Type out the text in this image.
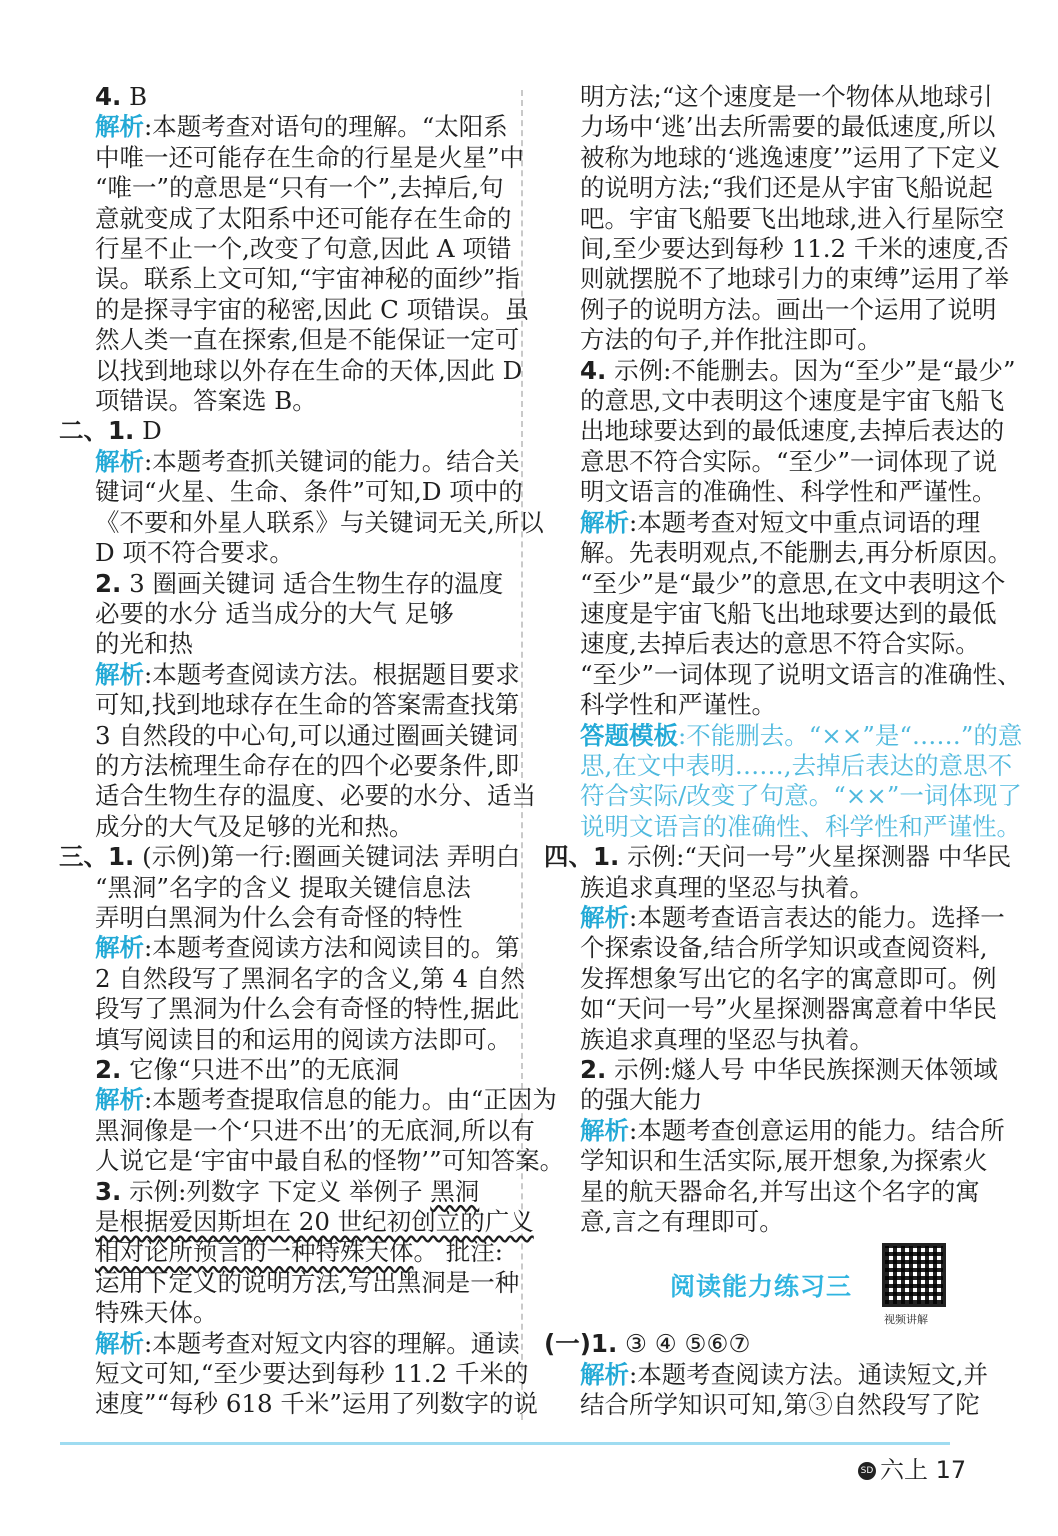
4. B
解析:本题考查对语句的理解。“太阳系
中唯一还可能存在生命的行星是火星”中
“唯一”的意思是“只有一个”,去掉后,句
意就变成了太阳系中还可能存在生命的
行星不止一个,改变了句意,因此 A 项错
误。联系上文可知,“宇宙神秘的面纱”指
的是探寻宇宙的秘密,因此 C 项错误。虽
然人类一直在探索,但是不能保证一定可
以找到地球以外存在生命的天体,因此 D
项错误。答案选 B。
二、1. D
解析:本题考查抓关键词的能力。结合关
键词“火星、生命、条件”可知,D 项中的
《不要和外星人联系》与关键词无关,所以
D 项不符合要求。
2. 3 圈画关键词 适合生物生存的温度
必要的水分 适当成分的大气 足够
的光和热
解析:本题考查阅读方法。根据题目要求
可知,找到地球存在生命的答案需查找第
3 自然段的中心句,可以通过圈画关键词
的方法梳理生命存在的四个必要条件,即
适合生物生存的温度、必要的水分、适当
成分的大气及足够的光和热。
三、1. (示例)第一行:圈画关键词法 弄明白
“黑洞”名字的含义 提取关键信息法
弄明白黑洞为什么会有奇怪的特性
解析:本题考查阅读方法和阅读目的。第
2 自然段写了黑洞名字的含义,第 4 自然
段写了黑洞为什么会有奇怪的特性,据此
填写阅读目的和运用的阅读方法即可。
2. 它像“只进不出”的无底洞
解析:本题考查提取信息的能力。由“正因为
黑洞像是一个‘只进不出’的无底洞,所以有
人说它是‘宇宙中最自私的怪物’”可知答案。
3. 示例:列数字 下定义 举例子 黑洞
是根据爱因斯坦在 20 世纪初创立的广义
相对论所预言的一种特殊天体。 批注:
运用下定义的说明方法,写出黑洞是一种
特殊天体。
解析:本题考查对短文内容的理解。通读
短文可知,“至少要达到每秒 11.2 千米的
速度”“每秒 618 千米”运用了列数字的说
明方法;“这个速度是一个物体从地球引
力场中‘逃’出去所需要的最低速度,所以
被称为地球的‘逃逸速度’”运用了下定义
的说明方法;“我们还是从宇宙飞船说起
吧。宇宙飞船要飞出地球,进入行星际空
间,至少要达到每秒 11.2 千米的速度,否
则就摆脱不了地球引力的束缚”运用了举
例子的说明方法。画出一个运用了说明
方法的句子,并作批注即可。
4. 示例:不能删去。因为“至少”是“最少”
的意思,文中表明这个速度是宇宙飞船飞
出地球要达到的最低速度,去掉后表达的
意思不符合实际。“至少”一词体现了说
明文语言的准确性、科学性和严谨性。
解析:本题考查对短文中重点词语的理
解。先表明观点,不能删去,再分析原因。
“至少”是“最少”的意思,在文中表明这个
速度是宇宙飞船飞出地球要达到的最低
速度,去掉后表达的意思不符合实际。
“至少”一词体现了说明文语言的准确性、
科学性和严谨性。
答题模板:不能删去。“××”是“……”的意
思,在文中表明……,去掉后表达的意思不
符合实际/改变了句意。“××”一词体现了
说明文语言的准确性、科学性和严谨性。
四、1. 示例:“天问一号”火星探测器 中华民
族追求真理的坚忍与执着。
解析:本题考查语言表达的能力。选择一
个探索设备,结合所学知识或查阅资料,
发挥想象写出它的名字的寓意即可。例
如“天问一号”火星探测器寓意着中华民
族追求真理的坚忍与执着。
2. 示例:燧人号 中华民族探测天体领域
的强大能力
解析:本题考查创意运用的能力。结合所
学知识和生活实际,展开想象,为探索火
星的航天器命名,并写出这个名字的寓
意,言之有理即可。
阅读能力练习三
视频讲解
(一)1. ③ ④ ⑤⑥⑦
解析:本题考查阅读方法。通读短文,并
结合所学知识可知,第③自然段写了陀
SD 六上 17
